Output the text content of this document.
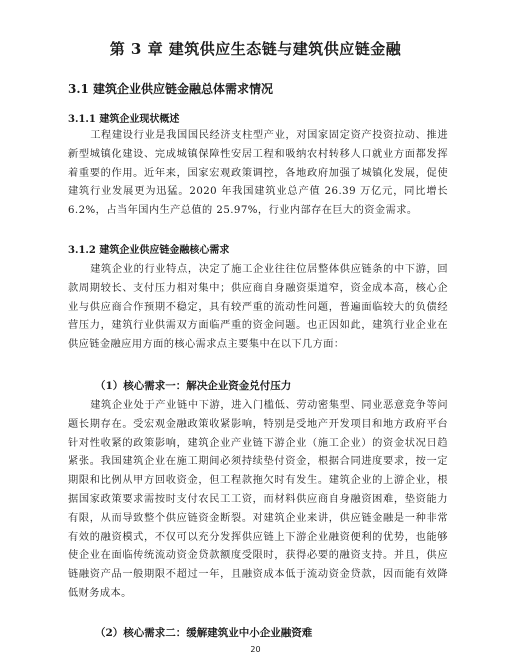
第 3 章 建筑供应生态链与建筑供应链金融
3.1 建筑企业供应链金融总体需求情况
3.1.1 建筑企业现状概述

工程建设行业是我国国民经济支柱型产业，对国家固定资产投资拉动、推进新型城镇化建设、完成城镇保障性安居工程和吸纳农村转移人口就业方面都发挥着重要的作用。近年来，国家宏观政策调控，各地政府加强了城镇化发展，促使建筑行业发展更为迅猛。2020 年我国建筑业总产值 26.39 万亿元，同比增长 6.2%，占当年国内生产总值的 25.97%，行业内部存在巨大的资金需求。

3.1.2 建筑企业供应链金融核心需求

建筑企业的行业特点，决定了施工企业往往位居整体供应链条的中下游，回款周期较长、支付压力相对集中；供应商自身融资渠道窄，资金成本高，核心企业与供应商合作预期不稳定，具有较严重的流动性问题，普遍面临较大的负债经营压力，建筑行业供需双方面临严重的资金问题。也正因如此，建筑行业企业在供应链金融应用方面的核心需求点主要集中在以下几方面：

（1）核心需求一：解决企业资金兑付压力

建筑企业处于产业链中下游，进入门槛低、劳动密集型、同业恶意竞争等问题长期存在。受宏观金融政策收紧影响，特别是受地产开发项目和地方政府平台针对性收紧的政策影响，建筑企业产业链下游企业（施工企业）的资金状况日趋紧张。我国建筑企业在施工期间必须持续垫付资金，根据合同进度要求，按一定期限和比例从甲方回收资金，但工程款拖欠时有发生。建筑企业的上游企业，根据国家政策要求需按时支付农民工工资，而材料供应商自身融资困难，垫资能力有限，从而导致整个供应链资金断裂。对建筑企业来讲，供应链金融是一种非常有效的融资模式，不仅可以充分发挥供应链上下游企业融资便利的优势，也能够使企业在面临传统流动资金贷款额度受限时，获得必要的融资支持。并且，供应链融资产品一般期限不超过一年，且融资成本低于流动资金贷款，因而能有效降低财务成本。

（2）核心需求二：缓解建筑业中小企业融资难
20
